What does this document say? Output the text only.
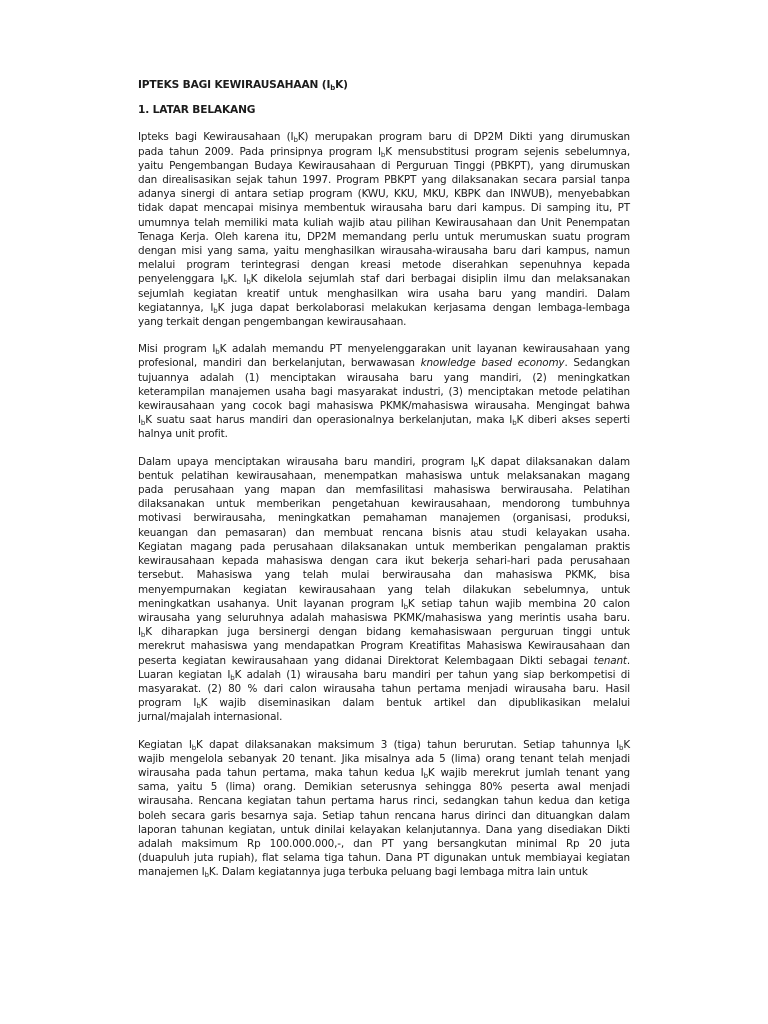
IPTEKS BAGI KEWIRAUSAHAAN $(I_bK)$
1. LATAR BELAKANG
Ipteks bagi Kewirausahaan $(I_bK)$ merupakan program baru di DP2M Dikti yang dirumuskan
pada tahun 2009. Pada prinsipnya program $I_bK$ mensubstitusi program sejenis sebelumnya,
yaitu Pengembangan Budaya Kewirausahaan di Perguruan Tinggi (PBKPT), yang dirumuskan
dan direalisasikan sejak tahun 1997. Program PBKPT yang dilaksanakan secara parsial tanpa
adanya sinergi di antara setiap program (KWU, KKU, MKU, KBPK dan INWUB), menyebabkan
tidak dapat mencapai misinya membentuk wirausaha baru dari kampus. Di samping itu, PT
umumnya telah memiliki mata kuliah wajib atau pilihan Kewirausahaan dan Unit Penempatan
Tenaga Kerja. Oleh karena itu, DP2M memandang perlu untuk merumuskan suatu program
dengan misi yang sama, yaitu menghasilkan wirausaha-wirausaha baru dari kampus, namun
melalui program terintegrasi dengan kreasi metode diserahkan sepenuhnya kepada
penyelenggara $I_bK$. $I_bK$ dikelola sejumlah staf dari berbagai disiplin ilmu dan melaksanakan
sejumlah kegiatan kreatif untuk menghasilkan wira usaha baru yang mandiri. Dalam
kegiatannya, $I_bK$ juga dapat berkolaborasi melakukan kerjasama dengan lembaga-lembaga
yang terkait dengan pengembangan kewirausahaan.
Misi program $I_bK$ adalah memandu PT menyelenggarakan unit layanan kewirausahaan yang
profesional, mandiri dan berkelanjutan, berwawasan knowledge based economy. Sedangkan
tujuannya adalah (1) menciptakan wirausaha baru yang mandiri, (2) meningkatkan
keterampilan manajemen usaha bagi masyarakat industri, (3) menciptakan metode pelatihan
kewirausahaan yang cocok bagi mahasiswa PKMK/mahasiswa wirausaha. Mengingat bahwa
$I_bK$ suatu saat harus mandiri dan operasionalnya berkelanjutan, maka $I_bK$ diberi akses seperti
halnya unit profit.
Dalam upaya menciptakan wirausaha baru mandiri, program $I_bK$ dapat dilaksanakan dalam
bentuk pelatihan kewirausahaan, menempatkan mahasiswa untuk melaksanakan magang
pada perusahaan yang mapan dan memfasilitasi mahasiswa berwirausaha. Pelatihan
dilaksanakan untuk memberikan pengetahuan kewirausahaan, mendorong tumbuhnya
motivasi berwirausaha, meningkatkan pemahaman manajemen (organisasi, produksi,
keuangan dan pemasaran) dan membuat rencana bisnis atau studi kelayakan usaha.
Kegiatan magang pada perusahaan dilaksanakan untuk memberikan pengalaman praktis
kewirausahaan kepada mahasiswa dengan cara ikut bekerja sehari-hari pada perusahaan
tersebut. Mahasiswa yang telah mulai berwirausaha dan mahasiswa PKMK, bisa
menyempurnakan kegiatan kewirausahaan yang telah dilakukan sebelumnya, untuk
meningkatkan usahanya. Unit layanan program $I_bK$ setiap tahun wajib membina 20 calon
wirausaha yang seluruhnya adalah mahasiswa PKMK/mahasiswa yang merintis usaha baru.
$I_bK$ diharapkan juga bersinergi dengan bidang kemahasiswaan perguruan tinggi untuk
merekrut mahasiswa yang mendapatkan Program Kreatifitas Mahasiswa Kewirausahaan dan
peserta kegiatan kewirausahaan yang didanai Direktorat Kelembagaan Dikti sebagai tenant.
Luaran kegiatan $I_bK$ adalah (1) wirausaha baru mandiri per tahun yang siap berkompetisi di
masyarakat. (2) 80 % dari calon wirausaha tahun pertama menjadi wirausaha baru. Hasil
program $I_bK$ wajib diseminasikan dalam bentuk artikel dan dipublikasikan melalui
jurnal/majalah internasional.
Kegiatan $I_bK$ dapat dilaksanakan maksimum 3 (tiga) tahun berurutan. Setiap tahunnya $I_bK$
wajib mengelola sebanyak 20 tenant. Jika misalnya ada 5 (lima) orang tenant telah menjadi
wirausaha pada tahun pertama, maka tahun kedua $I_bK$ wajib merekrut jumlah tenant yang
sama, yaitu 5 (lima) orang. Demikian seterusnya sehingga 80% peserta awal menjadi
wirausaha. Rencana kegiatan tahun pertama harus rinci, sedangkan tahun kedua dan ketiga
boleh secara garis besarnya saja. Setiap tahun rencana harus dirinci dan dituangkan dalam
laporan tahunan kegiatan, untuk dinilai kelayakan kelanjutannya. Dana yang disediakan Dikti
adalah maksimum Rp 100.000.000,-, dan PT yang bersangkutan minimal Rp 20 juta
(duapuluh juta rupiah), flat selama tiga tahun. Dana PT digunakan untuk membiayai kegiatan
manajemen $I_bK$. Dalam kegiatannya juga terbuka peluang bagi lembaga mitra lain untuk
